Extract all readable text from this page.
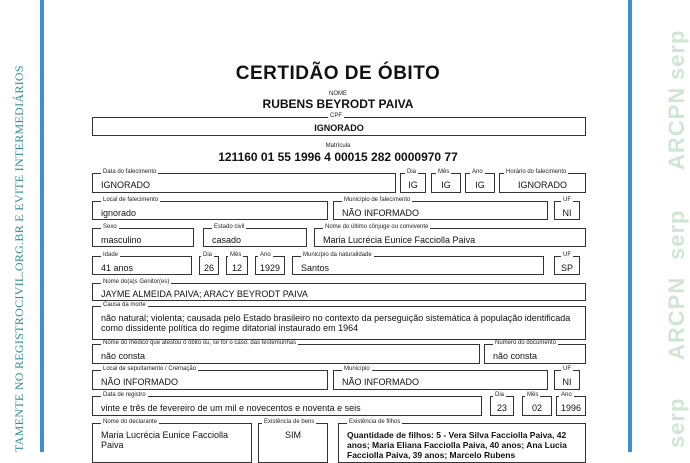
TAMENTE NO REGISTROCIVIL.ORG.BR E EVITE INTERMEDIÁRIOS
serp
ARCPN
serp
ARCPN
serp
CERTIDÃO DE ÓBITO
NOME
RUBENS BEYRODT PAIVA
CPF
IGNORADO
Matrícula
121160 01 55 1996 4 00015 282 0000970 77
Data do falecimento
IGNORADO
Dia
IG
Mês
IG
Ano
IG
Horário do falecimento
IGNORADO
Local de falecimento
ignorado
Município de falecimento
NÃO INFORMADO
UF
NI
Sexo
masculino
Estado civil
casado
Nome do último cônjuge ou convivente
Maria Lucrécia Eunice Facciolla Paiva
Idade
41 anos
Dia
26
Mês
12
Ano
1929
Município da naturalidade
Santos
UF
SP
Nome do(a)s Genitor(es)
JAYME ALMEIDA PAIVA; ARACY BEYRODT PAIVA
Causa da morte
não natural; violenta; causada pelo Estado brasileiro no contexto da perseguição sistemática à população identificada como dissidente política do regime ditatorial instaurado em 1964
Nome do médico que atestou o óbito ou, se for o caso, das testemunhas
não consta
Número do documento
não consta
Local de sepultamento / Cremação
NÃO INFORMADO
Município
NÃO INFORMADO
UF
NI
Data de registro
vinte e três de fevereiro de um mil e novecentos e noventa e seis
Dia
23
Mês
02
Ano
1996
Nome do declarante
Maria Lucrécia Eunice Facciolla Paiva
Existência de bens
SIM
Existência de filhos
Quantidade de filhos: 5 - Vera Silva Facciolla Paiva, 42 anos; Maria Eliana Facciolla Paiva, 40 anos; Ana Lucia Facciolla Paiva, 39 anos; Marcelo Rubens
